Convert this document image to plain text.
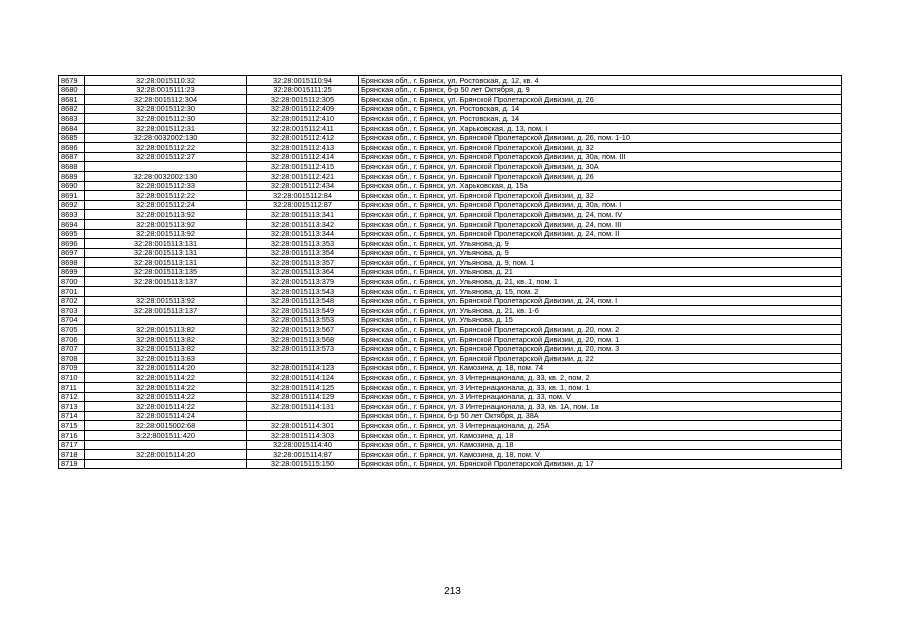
8679	32:28:0015110:32	32:28:0015110:94	Брянская обл., г. Брянск, ул. Ростовская, д. 12, кв. 4
8680	32:28:0015111:23	32:28:0015111:25	Брянская обл., г. Брянск, б-р 50 лет Октября, д. 9
8681	32:28:0015112:304	32:28:0015112:305	Брянская обл., г. Брянск, ул. Брянской Пролетарской Дивизии, д. 26
8682	32:28:0015112:30	32:28:0015112:409	Брянская обл., г. Брянск, ул. Ростовская, д. 14
8683	32:28:0015112:30	32:28:0015112:410	Брянская обл., г. Брянск, ул. Ростовская, д. 14
8684	32:28:0015112:31	32:28:0015112:411	Брянская обл., г. Брянск, ул. Харьковская, д. 13, пом. I
8685	32:28:0032002:130	32:28:0015112:412	Брянская обл., г. Брянск, ул. Брянской Пролетарской Дивизии, д. 26, пом. 1-10
8686	32:28:0015112:22	32:28:0015112:413	Брянская обл., г. Брянск, ул. Брянской Пролетарской Дивизии, д. 32
8687	32:28:0015112:27	32:28:0015112:414	Брянская обл., г. Брянск, ул. Брянской Пролетарской Дивизии, д. 30а, пом. III
8688		32:28:0015112:415	Брянская обл., г. Брянск, ул. Брянской Пролетарской Дивизии, д. 30А
8689	32:28:0032002:130	32:28:0015112:421	Брянская обл., г. Брянск, ул. Брянской Пролетарской Дивизии, д. 26
8690	32:28:0015112:33	32:28:0015112:434	Брянская обл., г. Брянск, ул. Харьковская, д. 15а
8691	32:28:0015112:22	32:28:0015112:84	Брянская обл., г. Брянск, ул. Брянской Пролетарской Дивизии, д. 32
8692	32:28:0015112:24	32:28:0015112:87	Брянская обл., г. Брянск, ул. Брянской Пролетарской Дивизии, д. 30а, пом. I
8693	32:28:0015113:92	32:28:0015113:341	Брянская обл., г. Брянск, ул. Брянской Пролетарской Дивизии, д. 24, пом. IV
8694	32:28:0015113:92	32:28:0015113:342	Брянская обл., г. Брянск, ул. Брянской Пролетарской Дивизии, д. 24, пом. III
8695	32:28:0015113:92	32:28:0015113:344	Брянская обл., г. Брянск, ул. Брянской Пролетарской Дивизии, д. 24, пом. II
8696	32:28:0015113:131	32:28:0015113:353	Брянская обл., г. Брянск, ул. Ульянова, д. 9
8697	32:28:0015113:131	32:28:0015113:354	Брянская обл., г. Брянск, ул. Ульянова, д. 9
8698	32:28:0015113:131	32:28:0015113:357	Брянская обл., г. Брянск, ул. Ульянова, д. 9, пом. 1
8699	32:28:0015113:135	32:28:0015113:364	Брянская обл., г. Брянск, ул. Ульянова, д. 21
8700	32:28:0015113:137	32:28:0015113:379	Брянская обл., г. Брянск, ул. Ульянова, д. 21, кв. 1, пом. 1
8701		32:28:0015113:543	Брянская обл., г. Брянск, ул. Ульянова, д. 15, пом. 2
8702	32:28:0015113:92	32:28:0015113:548	Брянская обл., г. Брянск, ул. Брянской Пролетарской Дивизии, д. 24, пом. I
8703	32:28:0015113:137	32:28:0015113:549	Брянская обл., г. Брянск, ул. Ульянова, д. 21, кв. 1-6
8704		32:28:0015113:553	Брянская обл., г. Брянск, ул. Ульянова, д. 15
8705	32:28:0015113:82	32:28:0015113:567	Брянская обл., г. Брянск, ул. Брянской Пролетарской Дивизии, д. 20, пом. 2
8706	32:28:0015113:82	32:28:0015113:568	Брянская обл., г. Брянск, ул. Брянской Пролетарской Дивизии, д. 20, пом. 1
8707	32:28:0015113:82	32:28:0015113:573	Брянская обл., г. Брянск, ул. Брянской Пролетарской Дивизии, д. 20, пом. 3
8708	32:28:0015113:83		Брянская обл., г. Брянск, ул. Брянской Пролетарской Дивизии, д. 22
8709	32:28:0015114:20	32:28:0015114:123	Брянская обл., г. Брянск, ул. Камозина, д. 18, пом. 74
8710	32:28:0015114:22	32:28:0015114:124	Брянская обл., г. Брянск, ул. 3 Интернационала, д. 33, кв. 2, пом. 2
8711	32:28:0015114:22	32:28:0015114:125	Брянская обл., г. Брянск, ул. 3 Интернационала, д. 33, кв. 1, пом. 1
8712	32:28:0015114:22	32:28:0015114:129	Брянская обл., г. Брянск, ул. 3 Интернационала, д. 33, пом. V
8713	32:28:0015114:22	32:28:0015114:131	Брянская обл., г. Брянск, ул. 3 Интернационала, д. 33, кв. 1А, пом. 1а
8714	32:28:0015114:24		Брянская обл., г. Брянск, б-р 50 лет Октября, д. 38А
8715	32:28:0015002:68	32:28:0015114:301	Брянская обл., г. Брянск, ул. 3 Интернационала, д. 25А
8716	3:22:8001511:420	32:28:0015114:303	Брянская обл., г. Брянск, ул. Камозина, д. 18
8717		32:28:0015114:40	Брянская обл., г. Брянск, ул. Камозина, д. 18
8718	32:28:0015114:20	32:28:0015114:87	Брянская обл., г. Брянск, ул. Камозина, д. 18, пом. V
8719		32:28:0015115:150	Брянская обл., г. Брянск, ул. Брянской Пролетарской Дивизии, д. 17
213
